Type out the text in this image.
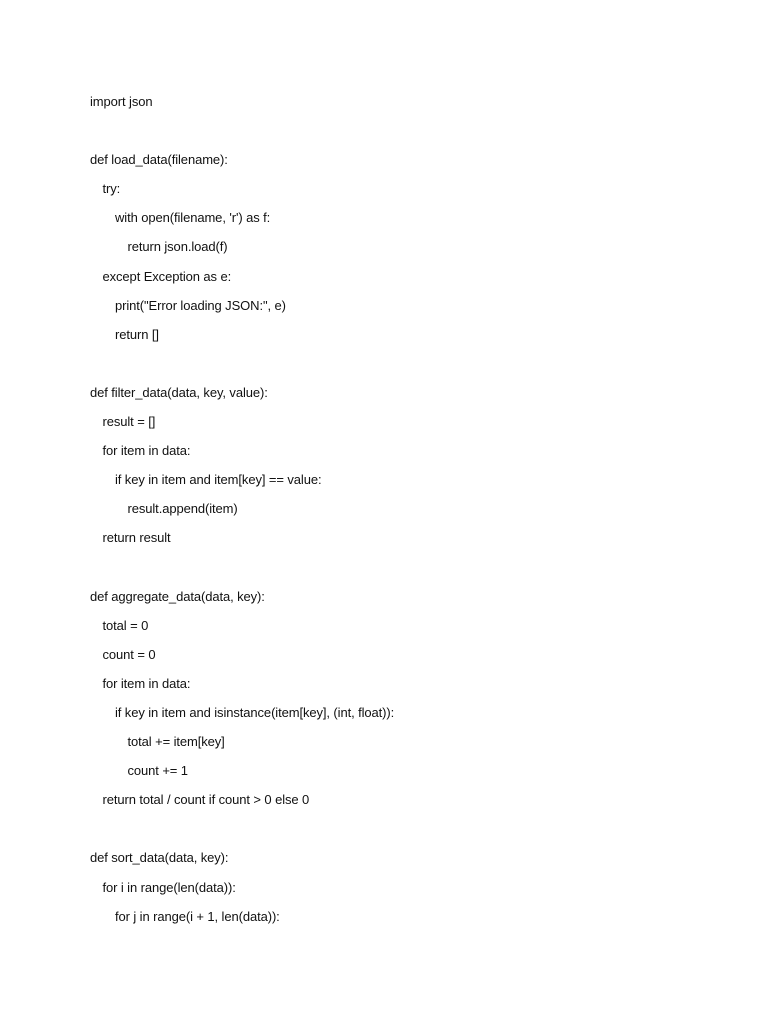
import json
def load_data(filename):
try:
with open(filename, 'r') as f:
return json.load(f)
except Exception as e:
print("Error loading JSON:", e)
return []
def filter_data(data, key, value):
result = []
for item in data:
if key in item and item[key] == value:
result.append(item)
return result
def aggregate_data(data, key):
total = 0
count = 0
for item in data:
if key in item and isinstance(item[key], (int, float)):
total += item[key]
count += 1
return total / count if count > 0 else 0
def sort_data(data, key):
for i in range(len(data)):
for j in range(i + 1, len(data)):
